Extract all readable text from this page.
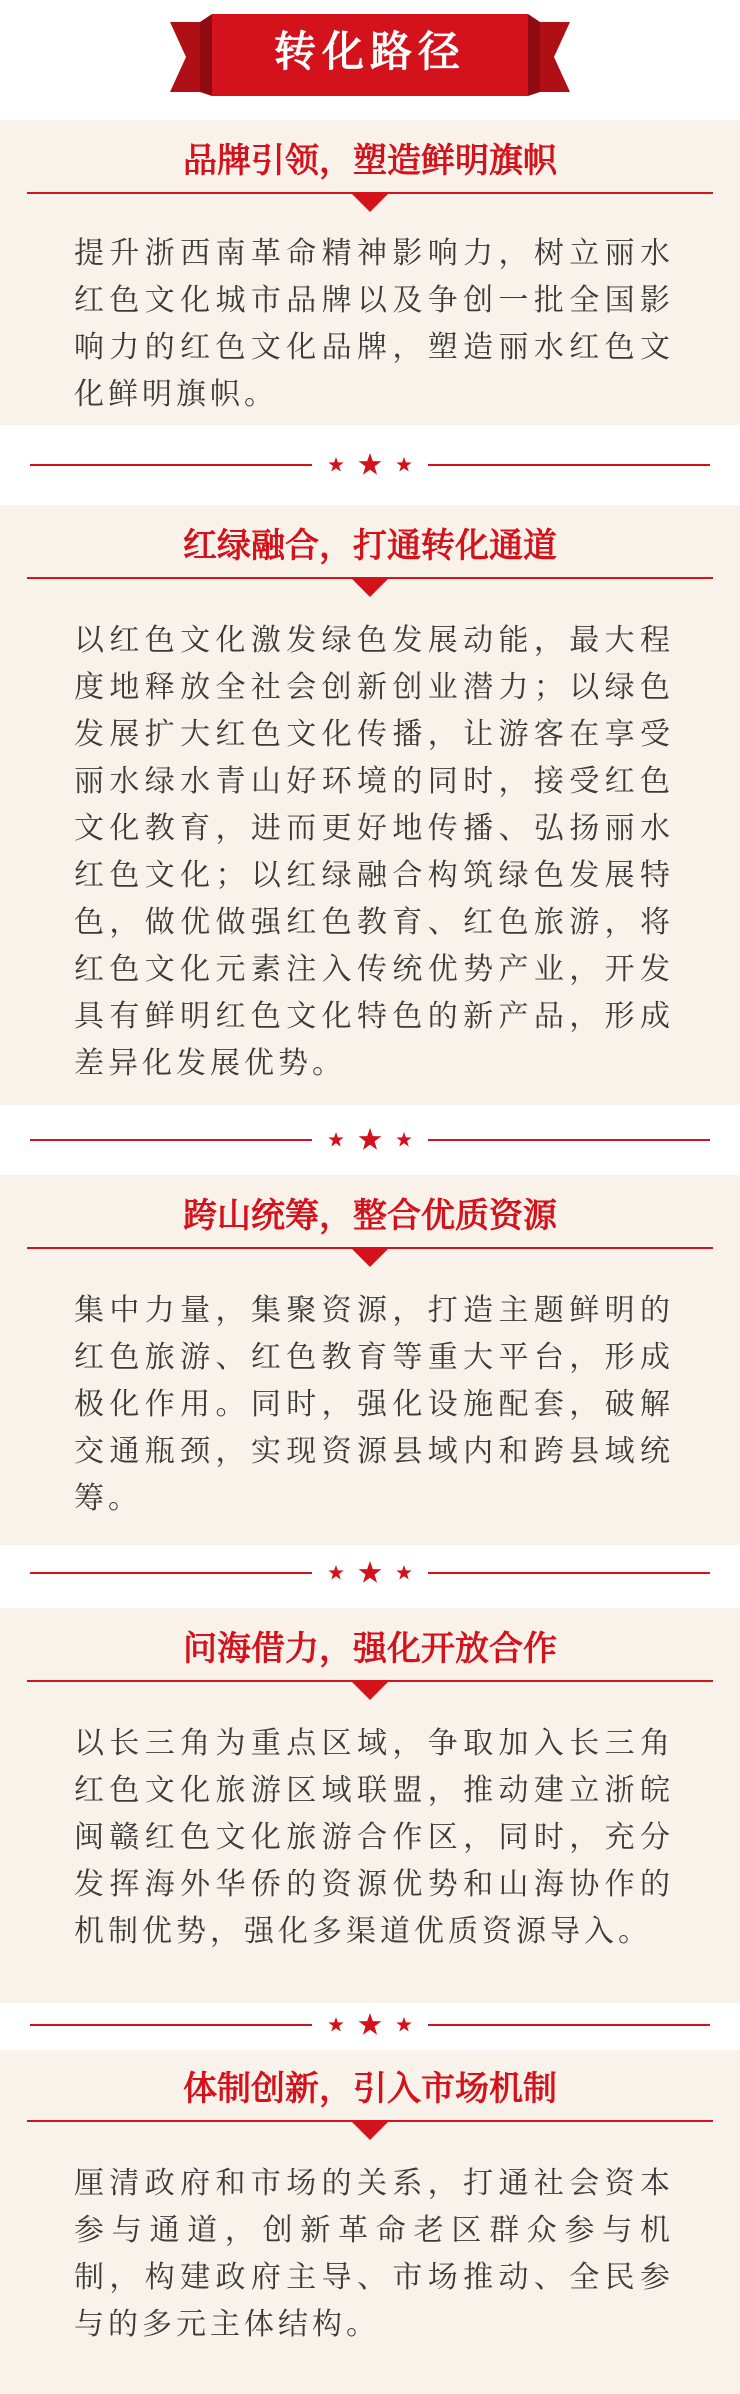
转化路径
品牌引领，塑造鲜明旗帜

提升浙西南革命精神影响力，树立丽水红色文化城市品牌以及争创一批全国影响力的红色文化品牌，塑造丽水红色文化鲜明旗帜。

红绿融合，打通转化通道

以红色文化激发绿色发展动能，最大程度地释放全社会创新创业潜力；以绿色发展扩大红色文化传播，让游客在享受丽水绿水青山好环境的同时，接受红色文化教育，进而更好地传播、弘扬丽水红色文化；以红绿融合构筑绿色发展特色，做优做强红色教育、红色旅游，将红色文化元素注入传统优势产业，开发具有鲜明红色文化特色的新产品，形成差异化发展优势。

跨山统筹，整合优质资源

集中力量，集聚资源，打造主题鲜明的红色旅游、红色教育等重大平台，形成极化作用。同时，强化设施配套，破解交通瓶颈，实现资源县域内和跨县域统筹。

问海借力，强化开放合作

以长三角为重点区域，争取加入长三角红色文化旅游区域联盟，推动建立浙皖闽赣红色文化旅游合作区，同时，充分发挥海外华侨的资源优势和山海协作的机制优势，强化多渠道优质资源导入。

体制创新，引入市场机制

厘清政府和市场的关系，打通社会资本参与通道，创新革命老区群众参与机制，构建政府主导、市场推动、全民参与的多元主体结构。
